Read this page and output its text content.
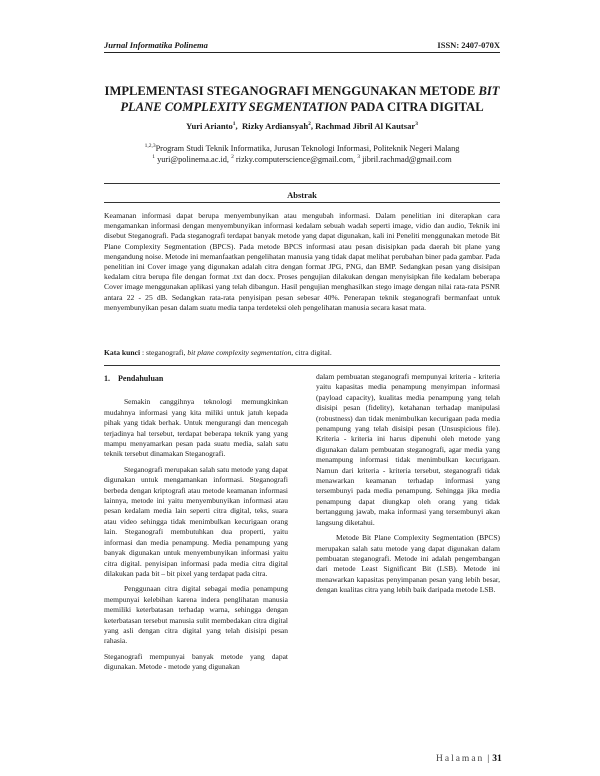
Jurnal Informatika Polinema	ISSN: 2407-070X
IMPLEMENTASI STEGANOGRAFI MENGGUNAKAN METODE BIT
PLANE COMPLEXITY SEGMENTATION PADA CITRA DIGITAL
Yuri Arianto$^1$,  Rizky Ardiansyah$^2$, Rachmad Jibril Al Kautsar$^3$
$^{1,2,3}$Program Studi Teknik Informatika, Jurusan Teknologi Informasi, Politeknik Negeri Malang
$^1$ yuri@polinema.ac.id, $^2$ rizky.computerscience@gmail.com, $^3$ jibril.rachmad@gmail.com
Abstrak

Keamanan informasi dapat berupa menyembunyikan atau mengubah informasi. Dalam penelitian ini diterapkan cara mengamankan informasi dengan menyembunyikan informasi kedalam sebuah wadah seperti image, vidio dan audio, Teknik ini disebut Steganografi. Pada steganografi terdapat banyak metode yang dapat digunakan, kali ini Peneliti menggunakan metode Bit Plane Complexity Segmentation (BPCS). Pada metode BPCS informasi atau pesan disisipkan pada daerah bit plane yang mengandung noise. Metode ini memanfaatkan pengelihatan manusia yang tidak dapat melihat perubahan biner pada gambar. Pada penelitian ini Cover image yang digunakan adalah citra dengan format JPG, PNG, dan BMP. Sedangkan pesan yang disisipan kedalam citra berupa file dengan format .txt dan docx. Proses pengujian dilakukan dengan menyisipkan file kedalam beberapa Cover image menggunakan aplikasi yang telah dibangun. Hasil pengujian menghasilkan stego image dengan nilai rata-rata PSNR antara 22 - 25 dB. Sedangkan rata-rata penyisipan pesan sebesar 40%. Penerapan teknik steganografi bermanfaat untuk menyembunyikan pesan dalam suatu media tanpa terdeteksi oleh pengelihatan manusia secara kasat mata.

Kata kunci : steganografi, bit plane complexity segmentation, citra digital.
1. Pendahuluan

Semakin canggihnya teknologi memungkinkan mudahnya informasi yang kita miliki untuk jatuh kepada pihak yang tidak berhak. Untuk mengurangi dan mencegah terjadinya hal tersebut, terdapat beberapa teknik yang yang mampu menyamarkan pesan pada suatu media, salah satu teknik tersebut dinamakan Steganografi.

Steganografi merupakan salah satu metode yang dapat digunakan untuk mengamankan informasi. Steganografi berbeda dengan kriptografi atau metode keamanan informasi lainnya, metode ini yaitu menyembunyikan informasi atau pesan kedalam media lain seperti citra digital, teks, suara atau video sehingga tidak menimbulkan kecurigaan orang lain. Steganografi membutuhkan dua properti, yaitu informasi dan media penampung. Media penampung yang banyak digunakan untuk menyembunyikan informasi yaitu citra digital. penyisipan informasi pada media citra digital dilakukan pada bit – bit pixel yang terdapat pada citra.

Penggunaan citra digital sebagai media penampung mempunyai kelebihan karena indera penglihatan manusia memiliki keterbatasan terhadap warna, sehingga dengan keterbatasan tersebut manusia sulit membedakan citra digital yang asli dengan citra digital yang telah disisipi pesan rahasia.

Steganografi mempunyai banyak metode yang dapat digunakan. Metode - metode yang digunakan

dalam pembuatan steganografi mempunyai kriteria - kriteria yaitu kapasitas media penampung menyimpan informasi (payload capacity), kualitas media penampung yang telah disisipi pesan (fidelity), ketahanan terhadap manipulasi (robustness) dan tidak menimbulkan kecurigaan pada media penampung yang telah disisipi pesan (Unsuspicious file). Kriteria - kriteria ini harus dipenuhi oleh metode yang digunakan dalam pembuatan steganografi, agar media yang menampung informasi tidak menimbulkan kecurigaan. Namun dari kriteria - kriteria tersebut, steganografi tidak menawarkan keamanan terhadap informasi yang tersembunyi pada media penampung. Sehingga jika media penampung dapat diungkap oleh orang yang tidak bertanggung jawab, maka informasi yang tersembunyi akan langsung diketahui.

Metode Bit Plane Complexity Segmentation (BPCS) merupakan salah satu metode yang dapat digunakan dalam pembuatan steganografi. Metode ini adalah pengembangan dari metode Least Significant Bit (LSB). Metode ini menawarkan kapasitas penyimpanan pesan yang lebih besar, dengan kualitas citra yang lebih baik daripada metode LSB.

Halaman | 31
